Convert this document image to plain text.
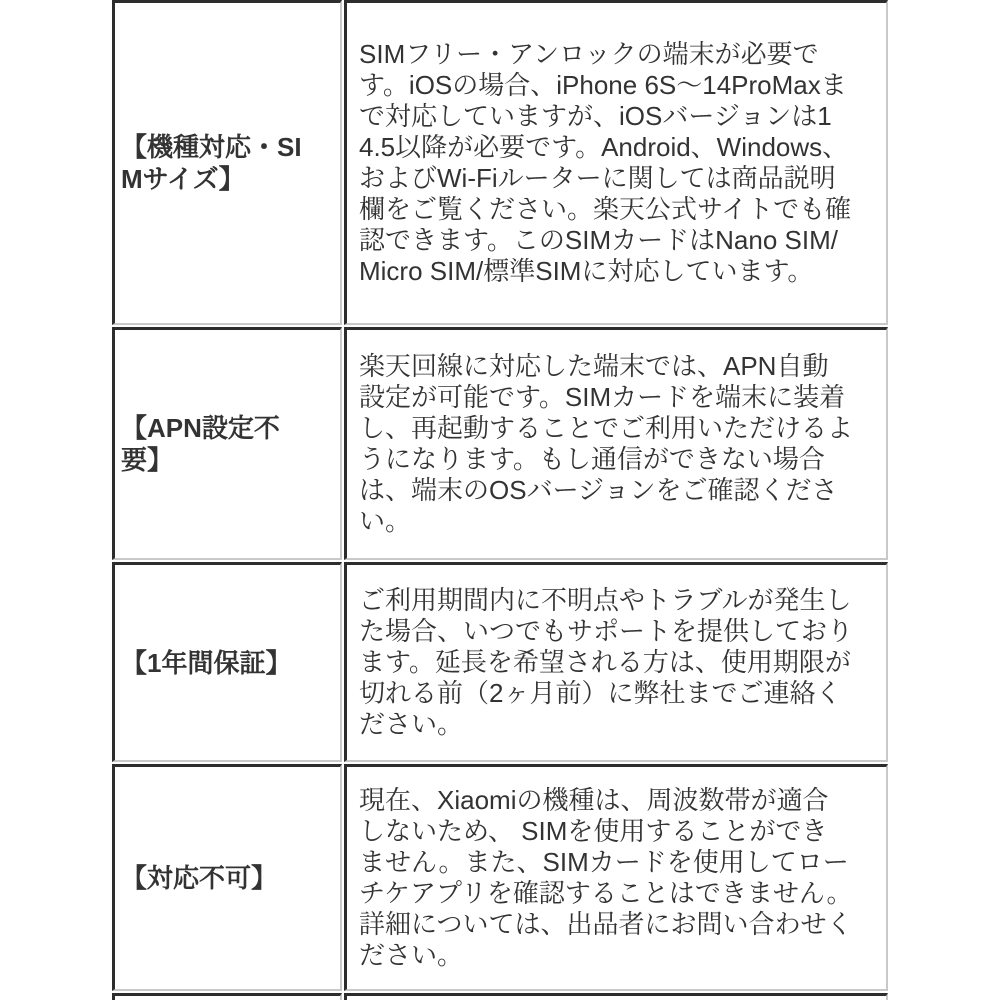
【機種対応・SIMサイズ】	SIMフリー・アンロックの端末が必要です。iOSの場合、iPhone 6S〜14ProMaxまで対応していますが、iOSバージョンは14.5以降が必要です。Android、Windows、およびWi-Fiルーターに関しては商品説明欄をご覧ください。楽天公式サイトでも確認できます。このSIMカードはNano SIM/Micro SIM/標準SIMに対応しています。
【APN設定不要】	楽天回線に対応した端末では、APN自動設定が可能です。SIMカードを端末に装着し、再起動することでご利用いただけるようになります。もし通信ができない場合は、端末のOSバージョンをご確認ください。
【1年間保証】	ご利用期間内に不明点やトラブルが発生した場合、いつでもサポートを提供しております。延長を希望される方は、使用期限が切れる前（2ヶ月前）に弊社までご連絡ください。
【対応不可】	現在、Xiaomiの機種は、周波数帯が適合しないため、 SIMを使用することができません。また、SIMカードを使用してローチケアプリを確認することはできません。詳細については、出品者にお問い合わせください。
